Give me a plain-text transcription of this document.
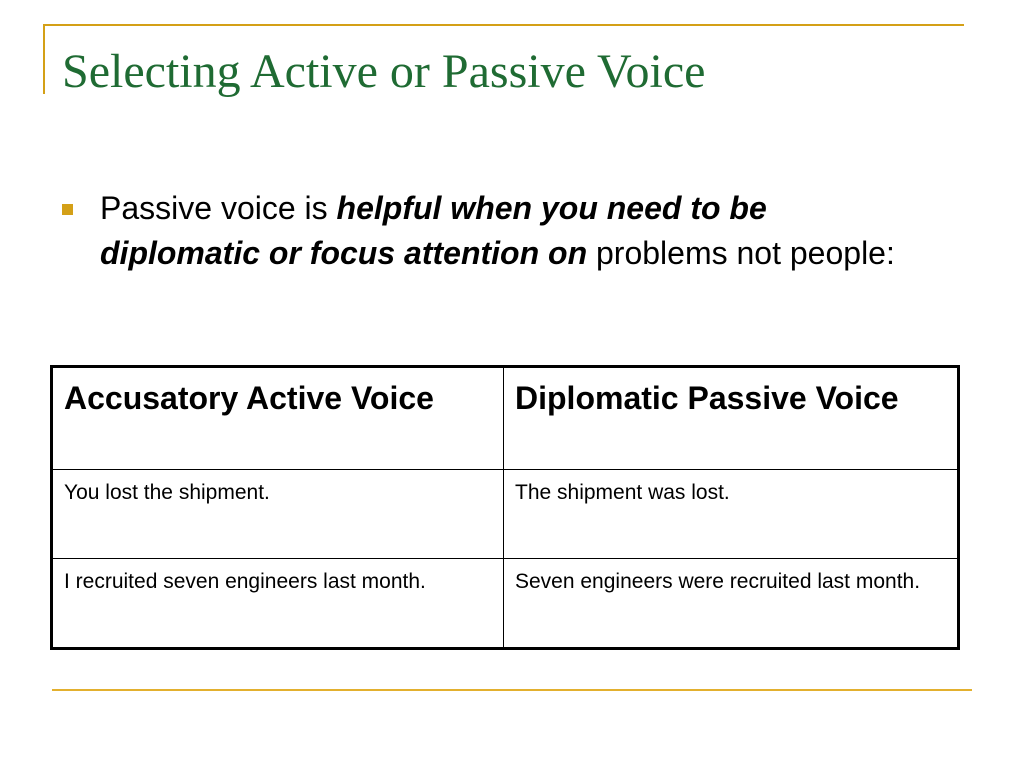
Selecting Active or Passive Voice
Passive voice is helpful when you need to be diplomatic or focus attention on problems not people:
Accusatory Active Voice	Diplomatic Passive Voice
You lost the shipment.	The shipment was lost.
I recruited seven engineers last month.	Seven engineers were recruited last month.
